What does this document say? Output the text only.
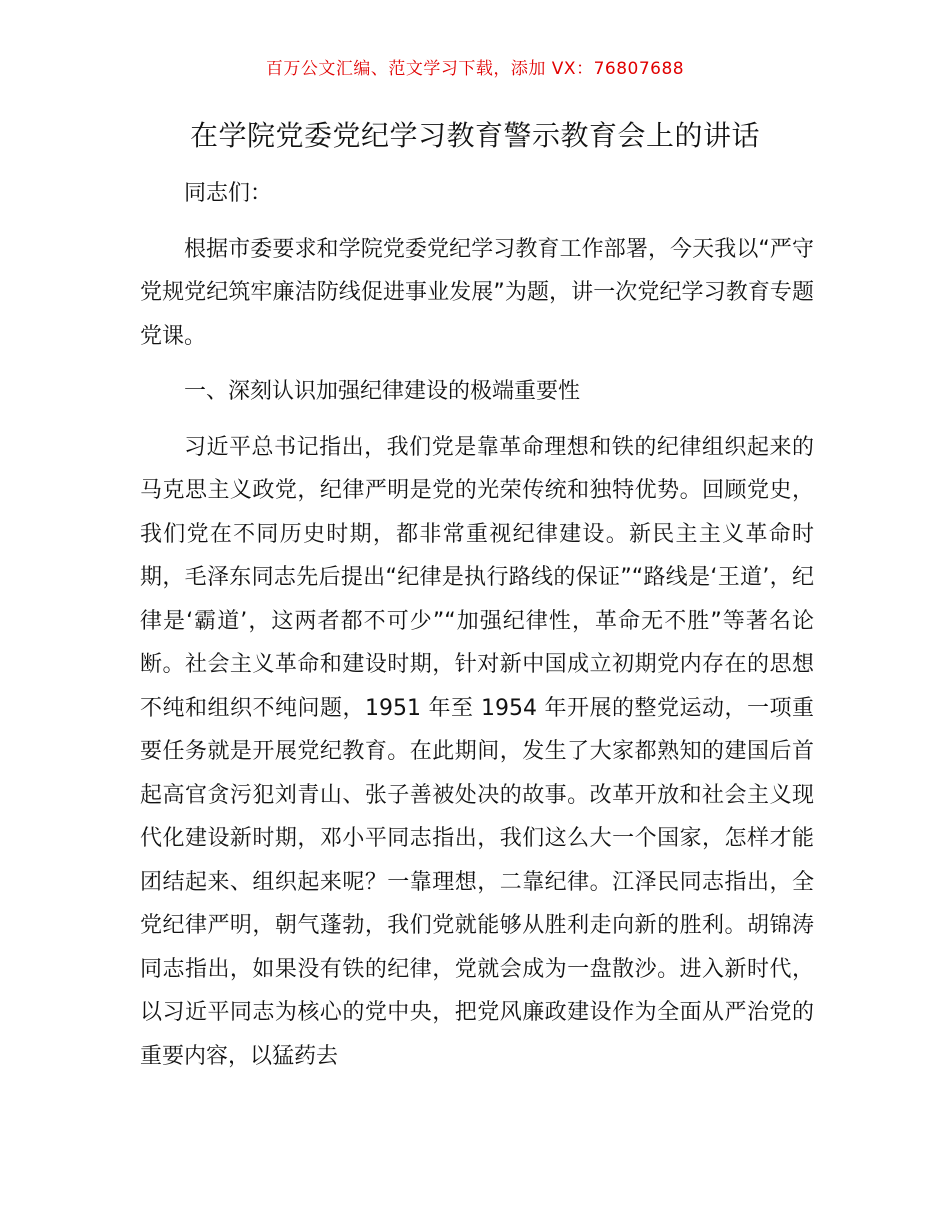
百万公文汇编、范文学习下载，添加 VX：76807688
在学院党委党纪学习教育警示教育会上的讲话

同志们：

根据市委要求和学院党委党纪学习教育工作部署，今天我以“严守党规党纪筑牢廉洁防线促进事业发展”为题，讲一次党纪学习教育专题党课。

一、深刻认识加强纪律建设的极端重要性

习近平总书记指出，我们党是靠革命理想和铁的纪律组织起来的马克思主义政党，纪律严明是党的光荣传统和独特优势。回顾党史，我们党在不同历史时期，都非常重视纪律建设。新民主主义革命时期，毛泽东同志先后提出“纪律是执行路线的保证”“路线是‘王道’，纪律是‘霸道’，这两者都不可少”“加强纪律性，革命无不胜”等著名论断。社会主义革命和建设时期，针对新中国成立初期党内存在的思想不纯和组织不纯问题，1951 年至 1954 年开展的整党运动，一项重要任务就是开展党纪教育。在此期间，发生了大家都熟知的建国后首起高官贪污犯刘青山、张子善被处决的故事。改革开放和社会主义现代化建设新时期，邓小平同志指出，我们这么大一个国家，怎样才能团结起来、组织起来呢？一靠理想，二靠纪律。江泽民同志指出，全党纪律严明，朝气蓬勃，我们党就能够从胜利走向新的胜利。胡锦涛同志指出，如果没有铁的纪律，党就会成为一盘散沙。进入新时代，以习近平同志为核心的党中央，把党风廉政建设作为全面从严治党的重要内容，以猛药去
